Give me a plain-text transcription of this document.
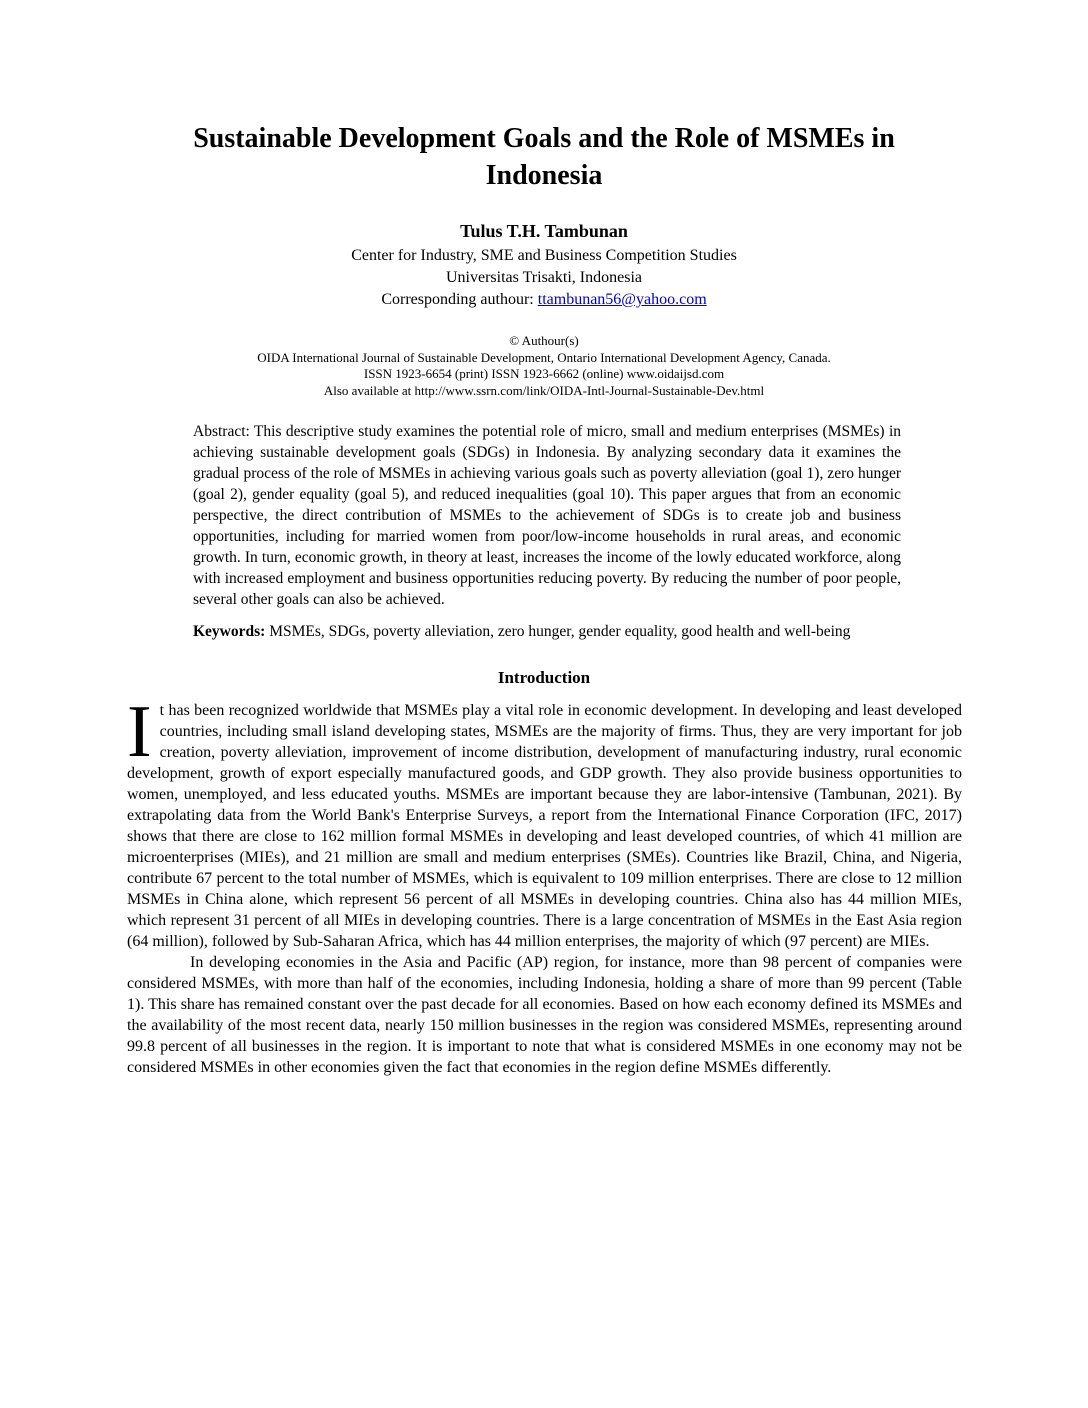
Sustainable Development Goals and the Role of MSMEs in
Indonesia
Tulus T.H. Tambunan
Center for Industry, SME and Business Competition Studies
Universitas Trisakti, Indonesia
Corresponding authour: ttambunan56@yahoo.com
© Authour(s)
OIDA International Journal of Sustainable Development, Ontario International Development Agency, Canada.
ISSN 1923-6654 (print) ISSN 1923-6662 (online) www.oidaijsd.com
Also available at http://www.ssrn.com/link/OIDA-Intl-Journal-Sustainable-Dev.html

Abstract: This descriptive study examines the potential role of micro, small and medium enterprises (MSMEs) in achieving sustainable development goals (SDGs) in Indonesia. By analyzing secondary data it examines the gradual process of the role of MSMEs in achieving various goals such as poverty alleviation (goal 1), zero hunger (goal 2), gender equality (goal 5), and reduced inequalities (goal 10). This paper argues that from an economic perspective, the direct contribution of MSMEs to the achievement of SDGs is to create job and business opportunities, including for married women from poor/low-income households in rural areas, and economic growth. In turn, economic growth, in theory at least, increases the income of the lowly educated workforce, along with increased employment and business opportunities reducing poverty. By reducing the number of poor people, several other goals can also be achieved.

Keywords: MSMEs, SDGs, poverty alleviation, zero hunger, gender equality, good health and well-being

Introduction

It has been recognized worldwide that MSMEs play a vital role in economic development. In developing and least developed countries, including small island developing states, MSMEs are the majority of firms. Thus, they are very important for job creation, poverty alleviation, improvement of income distribution, development of manufacturing industry, rural economic development, growth of export especially manufactured goods, and GDP growth. They also provide business opportunities to women, unemployed, and less educated youths. MSMEs are important because they are labor-intensive (Tambunan, 2021). By extrapolating data from the World Bank's Enterprise Surveys, a report from the International Finance Corporation (IFC, 2017) shows that there are close to 162 million formal MSMEs in developing and least developed countries, of which 41 million are microenterprises (MIEs), and 21 million are small and medium enterprises (SMEs). Countries like Brazil, China, and Nigeria, contribute 67 percent to the total number of MSMEs, which is equivalent to 109 million enterprises. There are close to 12 million MSMEs in China alone, which represent 56 percent of all MSMEs in developing countries. China also has 44 million MIEs, which represent 31 percent of all MIEs in developing countries. There is a large concentration of MSMEs in the East Asia region (64 million), followed by Sub-Saharan Africa, which has 44 million enterprises, the majority of which (97 percent) are MIEs.

In developing economies in the Asia and Pacific (AP) region, for instance, more than 98 percent of companies were considered MSMEs, with more than half of the economies, including Indonesia, holding a share of more than 99 percent (Table 1). This share has remained constant over the past decade for all economies. Based on how each economy defined its MSMEs and the availability of the most recent data, nearly 150 million businesses in the region was considered MSMEs, representing around 99.8 percent of all businesses in the region. It is important to note that what is considered MSMEs in one economy may not be considered MSMEs in other economies given the fact that economies in the region define MSMEs differently.
